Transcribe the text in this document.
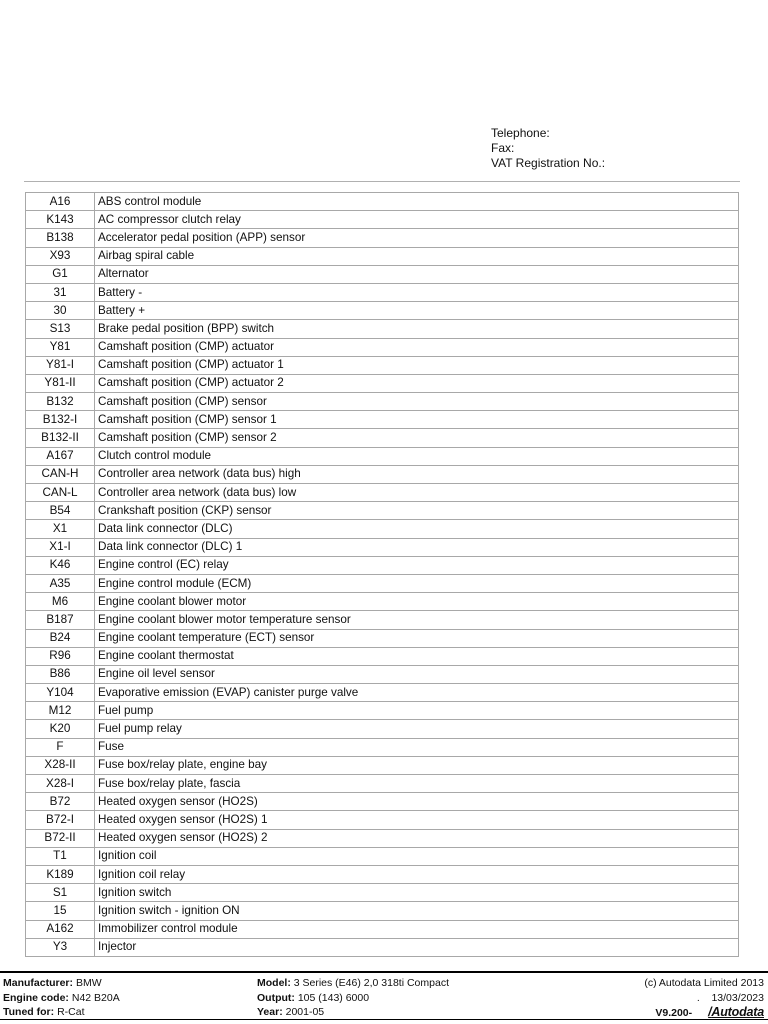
Telephone:
Fax:
VAT Registration No.:
A16	ABS control module
K143	AC compressor clutch relay
B138	Accelerator pedal position (APP) sensor
X93	Airbag spiral cable
G1	Alternator
31	Battery -
30	Battery +
S13	Brake pedal position (BPP) switch
Y81	Camshaft position (CMP) actuator
Y81-I	Camshaft position (CMP) actuator 1
Y81-II	Camshaft position (CMP) actuator 2
B132	Camshaft position (CMP) sensor
B132-I	Camshaft position (CMP) sensor 1
B132-II	Camshaft position (CMP) sensor 2
A167	Clutch control module
CAN-H	Controller area network (data bus) high
CAN-L	Controller area network (data bus) low
B54	Crankshaft position (CKP) sensor
X1	Data link connector (DLC)
X1-I	Data link connector (DLC) 1
K46	Engine control (EC) relay
A35	Engine control module (ECM)
M6	Engine coolant blower motor
B187	Engine coolant blower motor temperature sensor
B24	Engine coolant temperature (ECT) sensor
R96	Engine coolant thermostat
B86	Engine oil level sensor
Y104	Evaporative emission (EVAP) canister purge valve
M12	Fuel pump
K20	Fuel pump relay
F	Fuse
X28-II	Fuse box/relay plate, engine bay
X28-I	Fuse box/relay plate, fascia
B72	Heated oxygen sensor (HO2S)
B72-I	Heated oxygen sensor (HO2S) 1
B72-II	Heated oxygen sensor (HO2S) 2
T1	Ignition coil
K189	Ignition coil relay
S1	Ignition switch
15	Ignition switch - ignition ON
A162	Immobilizer control module
Y3	Injector
Manufacturer: BMW
Engine code: N42 B20A
Tuned for: R-Cat
Model: 3 Series (E46) 2,0 318ti Compact
Output: 105 (143) 6000
Year: 2001-05
(c) Autodata Limited 2013
. 13/03/2023
V9.200- /Autodata
